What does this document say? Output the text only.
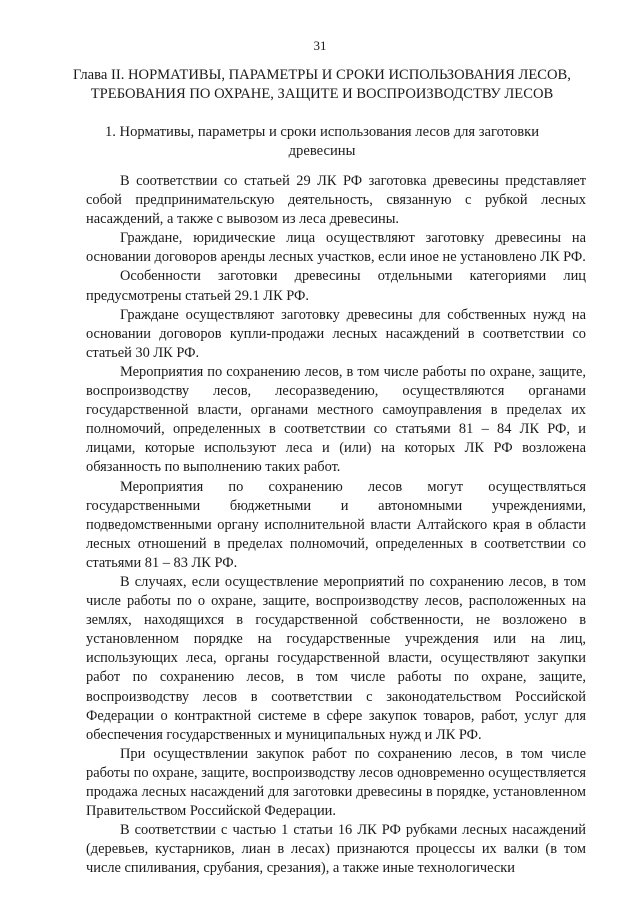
31
Глава II. НОРМАТИВЫ, ПАРАМЕТРЫ И СРОКИ ИСПОЛЬЗОВАНИЯ ЛЕСОВ, ТРЕБОВАНИЯ ПО ОХРАНЕ, ЗАЩИТЕ И ВОСПРОИЗВОДСТВУ ЛЕСОВ
1. Нормативы, параметры и сроки использования лесов для заготовки древесины

В соответствии со статьей 29 ЛК РФ заготовка древесины представляет собой предпринимательскую деятельность, связанную с рубкой лесных насаждений, а также с вывозом из леса древесины.

Граждане, юридические лица осуществляют заготовку древесины на основании договоров аренды лесных участков, если иное не установлено ЛК РФ.

Особенности заготовки древесины отдельными категориями лиц предусмотрены статьей 29.1 ЛК РФ.

Граждане осуществляют заготовку древесины для собственных нужд на основании договоров купли-продажи лесных насаждений в соответствии со статьей 30 ЛК РФ.

Мероприятия по сохранению лесов, в том числе работы по охране, защите, воспроизводству лесов, лесоразведению, осуществляются органами государственной власти, органами местного самоуправления в пределах их полномочий, определенных в соответствии со статьями 81 – 84 ЛК РФ, и лицами, которые используют леса и (или) на которых ЛК РФ возложена обязанность по выполнению таких работ.

Мероприятия по сохранению лесов могут осуществляться государственными бюджетными и автономными учреждениями, подведомственными органу исполнительной власти Алтайского края в области лесных отношений в пределах полномочий, определенных в соответствии со статьями 81 – 83 ЛК РФ.

В случаях, если осуществление мероприятий по сохранению лесов, в том числе работы по о охране, защите, воспроизводству лесов, расположенных на землях, находящихся в государственной собственности, не возложено в установленном порядке на государственные учреждения или на лиц, использующих леса, органы государственной власти, осуществляют закупки работ по сохранению лесов, в том числе работы по охране, защите, воспроизводству лесов в соответствии с законодательством Российской Федерации о контрактной системе в сфере закупок товаров, работ, услуг для обеспечения государственных и муниципальных нужд и ЛК РФ.

При осуществлении закупок работ по сохранению лесов, в том числе работы по охране, защите, воспроизводству лесов одновременно осуществляется продажа лесных насаждений для заготовки древесины в порядке, установленном Правительством Российской Федерации.

В соответствии с частью 1 статьи 16 ЛК РФ рубками лесных насаждений (деревьев, кустарников, лиан в лесах) признаются процессы их валки (в том числе спиливания, срубания, срезания), а также иные технологически
